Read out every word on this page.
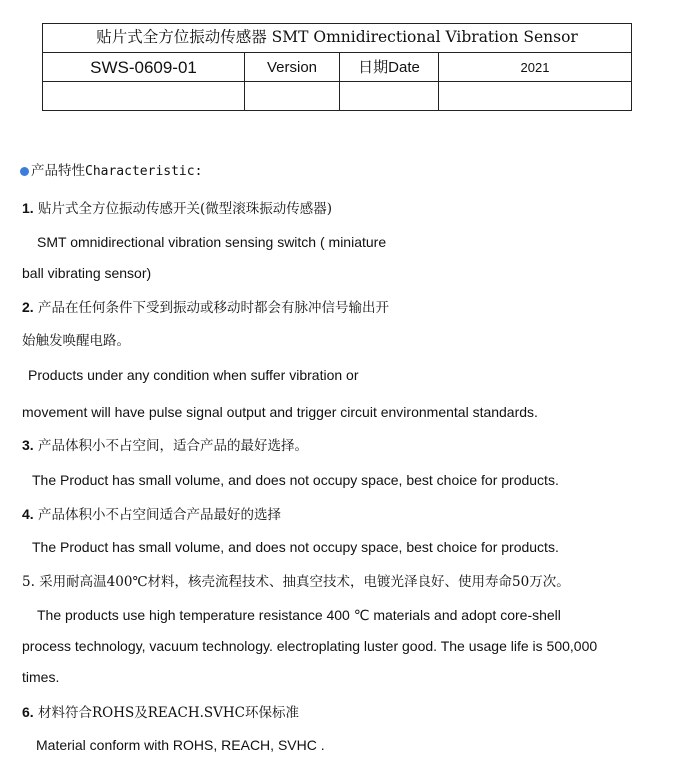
贴片式全方位振动传感器 SMT Omnidirectional Vibration Sensor			
SWS-0609-01	Version	日期Date	2021

产品特性Characteristic:
1. 贴片式全方位振动传感开关(微型滚珠振动传感器)
SMT omnidirectional vibration sensing switch ( miniature
ball vibrating sensor)
2. 产品在任何条件下受到振动或移动时都会有脉冲信号输出开
始触发唤醒电路。
Products under any condition when suffer vibration or
movement will have pulse signal output and trigger circuit environmental standards.
3. 产品体积小不占空间，适合产品的最好选择。
The Product has small volume, and does not occupy space, best choice for products.
4. 产品体积小不占空间适合产品最好的选择
The Product has small volume, and does not occupy space, best choice for products.
5. 采用耐高温400℃材料，核壳流程技术、抽真空技术，电镀光泽良好、使用寿命50万次。
The products use high temperature resistance 400 ℃ materials and adopt core-shell
process technology, vacuum technology. electroplating luster good. The usage life is 500,000
times.
6. 材料符合ROHS及REACH.SVHC环保标准
Material conform with ROHS, REACH, SVHC .
